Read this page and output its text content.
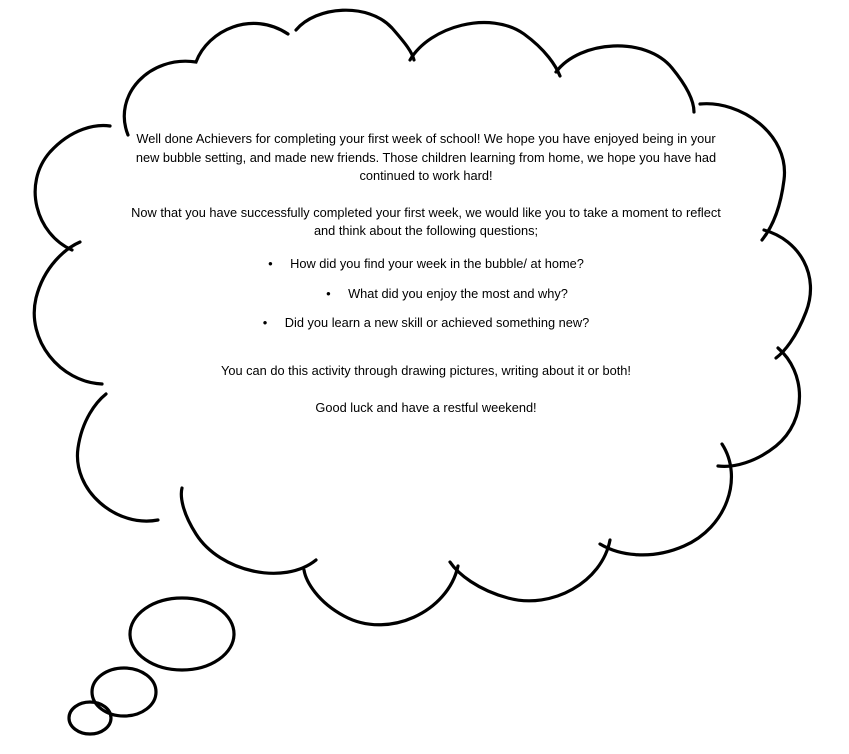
Well done Achievers for completing your first week of school! We hope you have enjoyed being in your new bubble setting, and made new friends. Those children learning from home, we hope you have had continued to work hard!

Now that you have successfully completed your first week, we would like you to take a moment to reflect and think about the following questions;

• How did you find your week in the bubble/ at home?
• What did you enjoy the most and why?
• Did you learn a new skill or achieved something new?

You can do this activity through drawing pictures, writing about it or both!

Good luck and have a restful weekend!
